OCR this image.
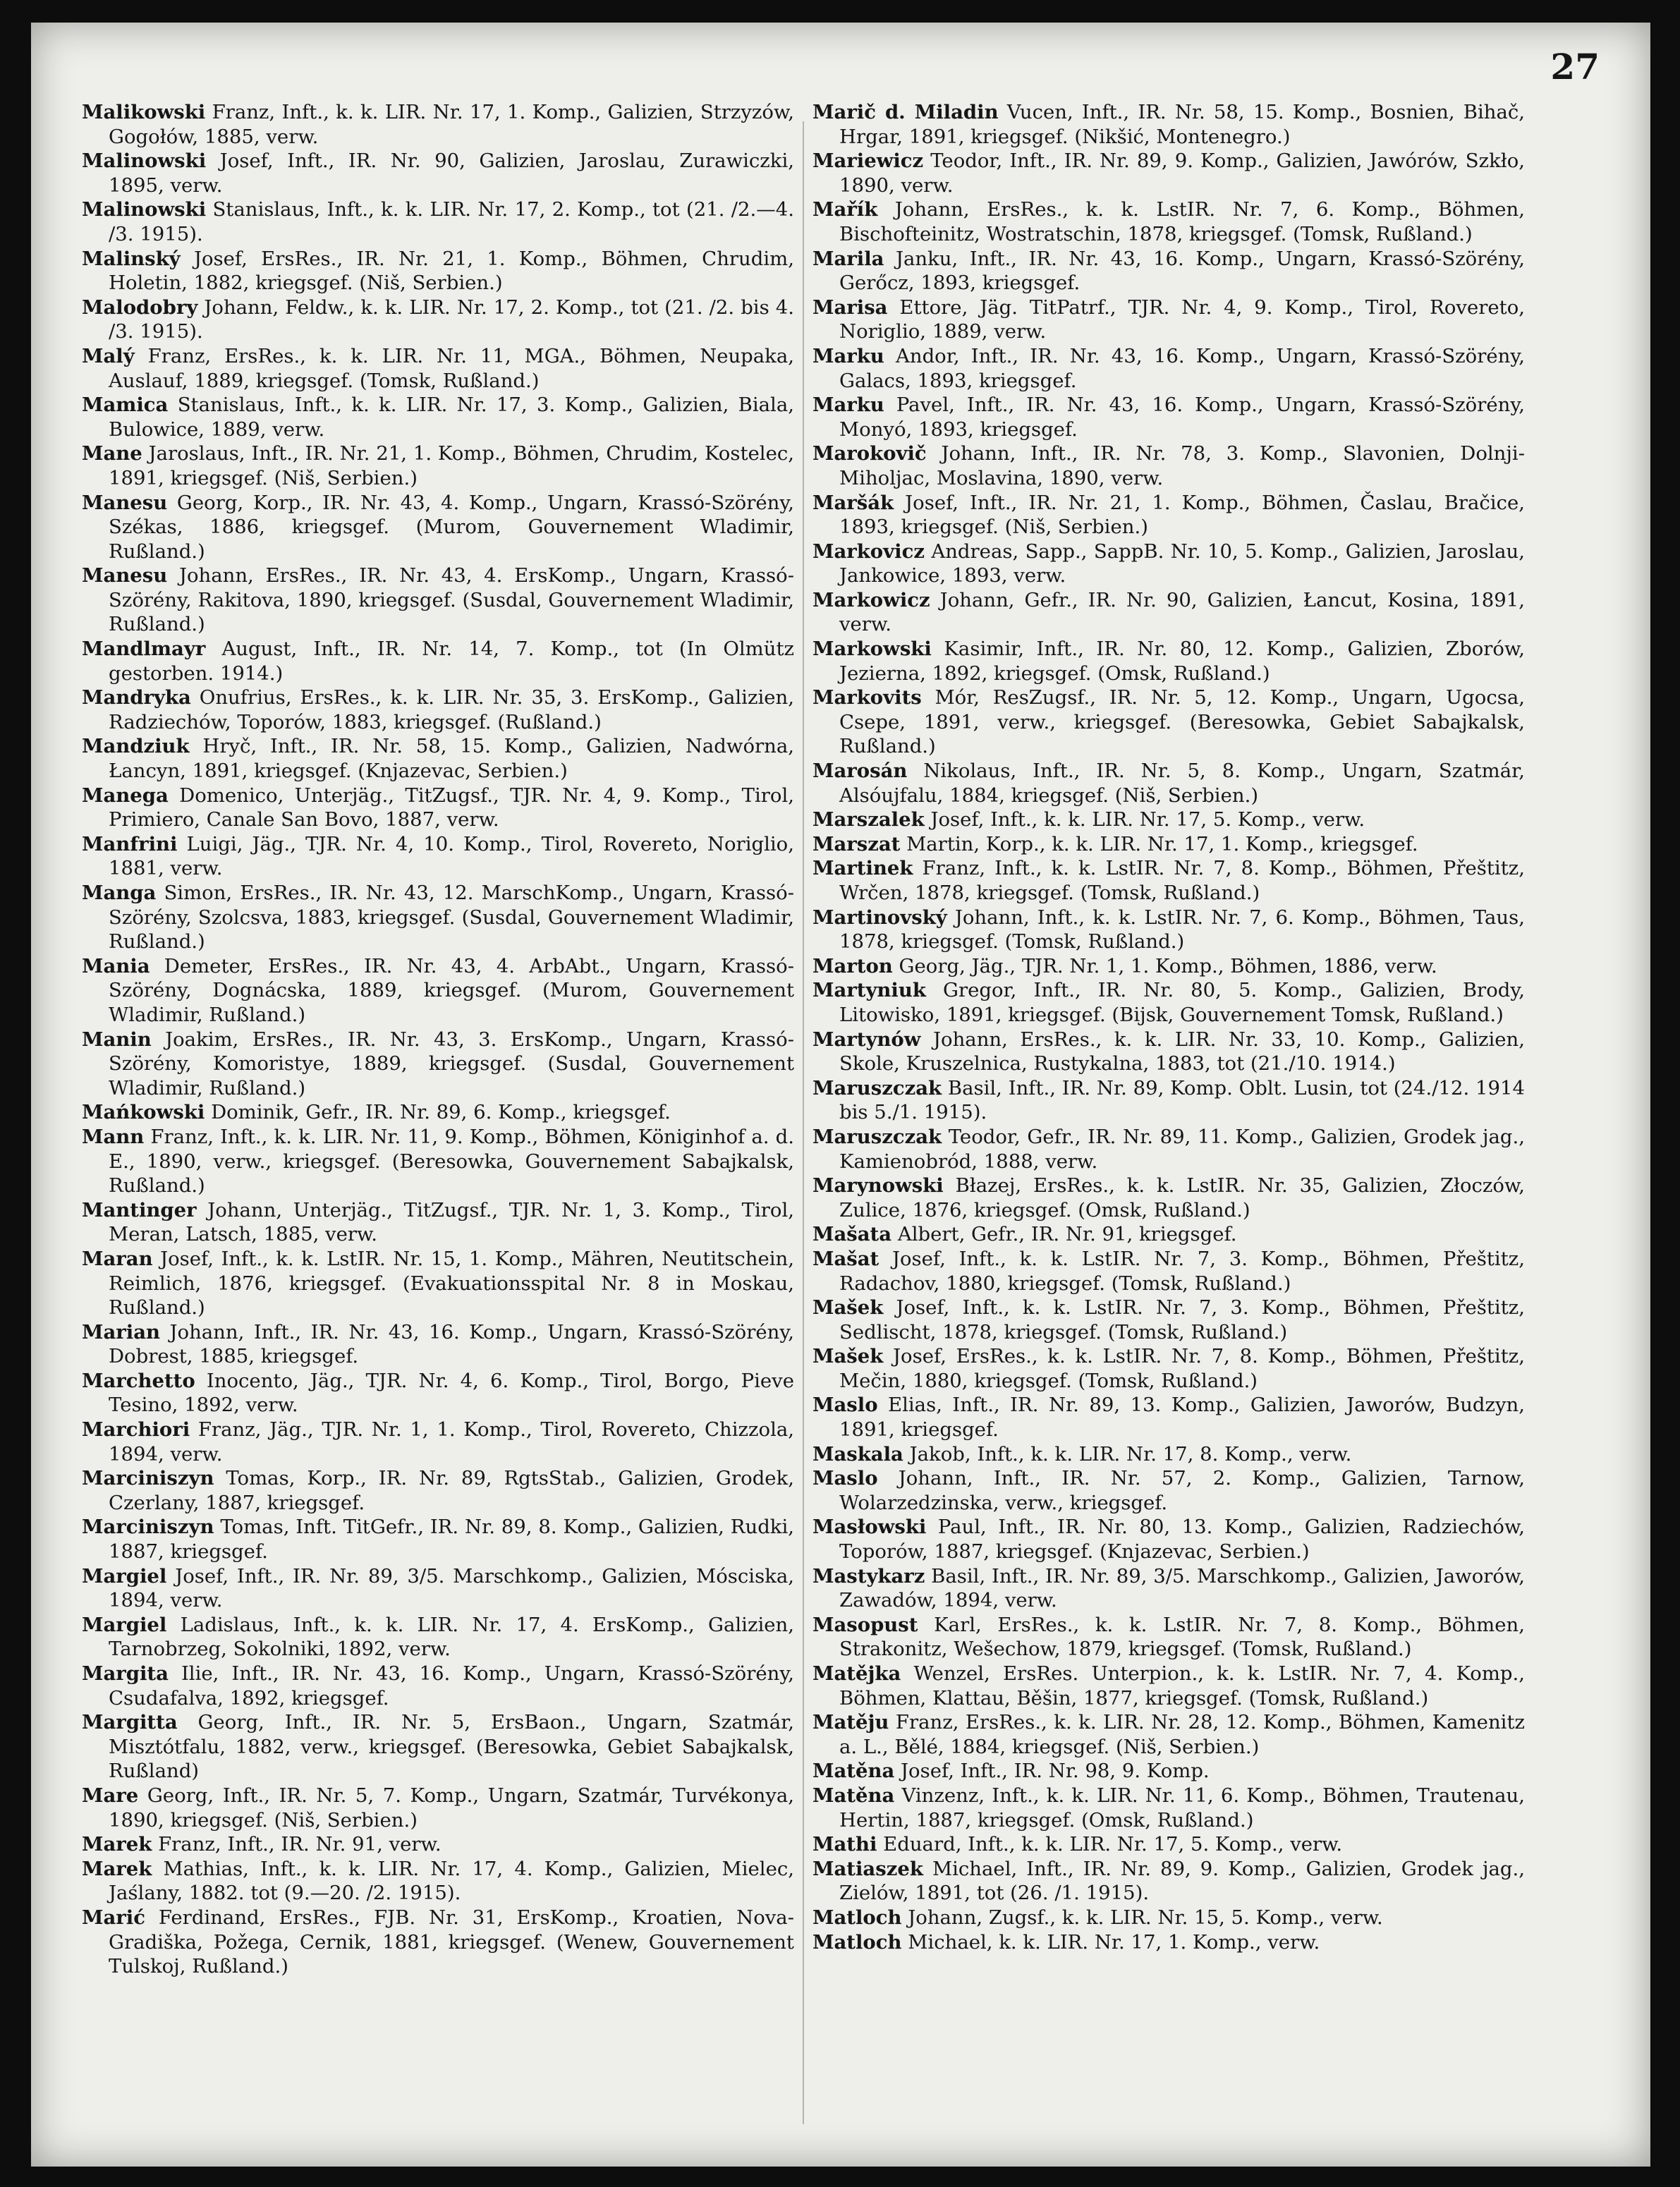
27

Malikowski Franz, Inft., k. k. LIR. Nr. 17, 1. Komp., Galizien, Strzyzów, Gogołów, 1885, verw.

Malinowski Josef, Inft., IR. Nr. 90, Galizien, Jaroslau, Zurawiczki, 1895, verw.

Malinowski Stanislaus, Inft., k. k. LIR. Nr. 17, 2. Komp., tot (21. /2.—4. /3. 1915).

Malinský Josef, ErsRes., IR. Nr. 21, 1. Komp., Böhmen, Chrudim, Holetin, 1882, kriegsgef. (Niš, Serbien.)

Malodobry Johann, Feldw., k. k. LIR. Nr. 17, 2. Komp., tot (21. /2. bis 4. /3. 1915).

Malý Franz, ErsRes., k. k. LIR. Nr. 11, MGA., Böhmen, Neupaka, Auslauf, 1889, kriegsgef. (Tomsk, Rußland.)

Mamica Stanislaus, Inft., k. k. LIR. Nr. 17, 3. Komp., Galizien, Biala, Bulowice, 1889, verw.

Mane Jaroslaus, Inft., IR. Nr. 21, 1. Komp., Böhmen, Chrudim, Kostelec, 1891, kriegsgef. (Niš, Serbien.)

Manesu Georg, Korp., IR. Nr. 43, 4. Komp., Ungarn, Krassó-Szörény, Székas, 1886, kriegsgef. (Murom, Gouvernement Wladimir, Rußland.)

Manesu Johann, ErsRes., IR. Nr. 43, 4. ErsKomp., Ungarn, Krassó-Szörény, Rakitova, 1890, kriegsgef. (Susdal, Gouvernement Wladimir, Rußland.)

Mandlmayr August, Inft., IR. Nr. 14, 7. Komp., tot (In Olmütz gestorben. 1914.)

Mandryka Onufrius, ErsRes., k. k. LIR. Nr. 35, 3. ErsKomp., Galizien, Radziechów, Toporów, 1883, kriegsgef. (Rußland.)

Mandziuk Hryč, Inft., IR. Nr. 58, 15. Komp., Galizien, Nadwórna, Łancyn, 1891, kriegsgef. (Knjazevac, Serbien.)

Manega Domenico, Unterjäg., TitZugsf., TJR. Nr. 4, 9. Komp., Tirol, Primiero, Canale San Bovo, 1887, verw.

Manfrini Luigi, Jäg., TJR. Nr. 4, 10. Komp., Tirol, Rovereto, Noriglio, 1881, verw.

Manga Simon, ErsRes., IR. Nr. 43, 12. MarschKomp., Ungarn, Krassó-Szörény, Szolcsva, 1883, kriegsgef. (Susdal, Gouvernement Wladimir, Rußland.)

Mania Demeter, ErsRes., IR. Nr. 43, 4. ArbAbt., Ungarn, Krassó-Szörény, Dognácska, 1889, kriegsgef. (Murom, Gouvernement Wladimir, Rußland.)

Manin Joakim, ErsRes., IR. Nr. 43, 3. ErsKomp., Ungarn, Krassó-Szörény, Komoristye, 1889, kriegsgef. (Susdal, Gouvernement Wladimir, Rußland.)

Mańkowski Dominik, Gefr., IR. Nr. 89, 6. Komp., kriegsgef.

Mann Franz, Inft., k. k. LIR. Nr. 11, 9. Komp., Böhmen, Königinhof a. d. E., 1890, verw., kriegsgef. (Beresowka, Gouvernement Sabajkalsk, Rußland.)

Mantinger Johann, Unterjäg., TitZugsf., TJR. Nr. 1, 3. Komp., Tirol, Meran, Latsch, 1885, verw.

Maran Josef, Inft., k. k. LstIR. Nr. 15, 1. Komp., Mähren, Neutitschein, Reimlich, 1876, kriegsgef. (Evakuationsspital Nr. 8 in Moskau, Rußland.)

Marian Johann, Inft., IR. Nr. 43, 16. Komp., Ungarn, Krassó-Szörény, Dobrest, 1885, kriegsgef.

Marchetto Inocento, Jäg., TJR. Nr. 4, 6. Komp., Tirol, Borgo, Pieve Tesino, 1892, verw.

Marchiori Franz, Jäg., TJR. Nr. 1, 1. Komp., Tirol, Rovereto, Chizzola, 1894, verw.

Marciniszyn Tomas, Korp., IR. Nr. 89, RgtsStab., Galizien, Grodek, Czerlany, 1887, kriegsgef.

Marciniszyn Tomas, Inft. TitGefr., IR. Nr. 89, 8. Komp., Galizien, Rudki, 1887, kriegsgef.

Margiel Josef, Inft., IR. Nr. 89, 3/5. Marschkomp., Galizien, Mósciska, 1894, verw.

Margiel Ladislaus, Inft., k. k. LIR. Nr. 17, 4. ErsKomp., Galizien, Tarnobrzeg, Sokolniki, 1892, verw.

Margita Ilie, Inft., IR. Nr. 43, 16. Komp., Ungarn, Krassó-Szörény, Csudafalva, 1892, kriegsgef.

Margitta Georg, Inft., IR. Nr. 5, ErsBaon., Ungarn, Szatmár, Misztótfalu, 1882, verw., kriegsgef. (Beresowka, Gebiet Sabajkalsk, Rußland)

Mare Georg, Inft., IR. Nr. 5, 7. Komp., Ungarn, Szatmár, Turvékonya, 1890, kriegsgef. (Niš, Serbien.)

Marek Franz, Inft., IR. Nr. 91, verw.

Marek Mathias, Inft., k. k. LIR. Nr. 17, 4. Komp., Galizien, Mielec, Jaślany, 1882. tot (9.—20. /2. 1915).

Marić Ferdinand, ErsRes., FJB. Nr. 31, ErsKomp., Kroatien, Nova-Gradiška, Požega, Cernik, 1881, kriegsgef. (Wenew, Gouvernement Tulskoj, Rußland.)

Marič d. Miladin Vucen, Inft., IR. Nr. 58, 15. Komp., Bosnien, Bihač, Hrgar, 1891, kriegsgef. (Nikšić, Montenegro.)

Mariewicz Teodor, Inft., IR. Nr. 89, 9. Komp., Galizien, Jawórów, Szkło, 1890, verw.

Mařík Johann, ErsRes., k. k. LstIR. Nr. 7, 6. Komp., Böhmen, Bischofteinitz, Wostratschin, 1878, kriegsgef. (Tomsk, Rußland.)

Marila Janku, Inft., IR. Nr. 43, 16. Komp., Ungarn, Krassó-Szörény, Gerőcz, 1893, kriegsgef.

Marisa Ettore, Jäg. TitPatrf., TJR. Nr. 4, 9. Komp., Tirol, Rovereto, Noriglio, 1889, verw.

Marku Andor, Inft., IR. Nr. 43, 16. Komp., Ungarn, Krassó-Szörény, Galacs, 1893, kriegsgef.

Marku Pavel, Inft., IR. Nr. 43, 16. Komp., Ungarn, Krassó-Szörény, Monyó, 1893, kriegsgef.

Marokovič Johann, Inft., IR. Nr. 78, 3. Komp., Slavonien, Dolnji-Miholjac, Moslavina, 1890, verw.

Maršák Josef, Inft., IR. Nr. 21, 1. Komp., Böhmen, Časlau, Bračice, 1893, kriegsgef. (Niš, Serbien.)

Markovicz Andreas, Sapp., SappB. Nr. 10, 5. Komp., Galizien, Jaroslau, Jankowice, 1893, verw.

Markowicz Johann, Gefr., IR. Nr. 90, Galizien, Łancut, Kosina, 1891, verw.

Markowski Kasimir, Inft., IR. Nr. 80, 12. Komp., Galizien, Zborów, Jezierna, 1892, kriegsgef. (Omsk, Rußland.)

Markovits Mór, ResZugsf., IR. Nr. 5, 12. Komp., Ungarn, Ugocsa, Csepe, 1891, verw., kriegsgef. (Beresowka, Gebiet Sabajkalsk, Rußland.)

Marosán Nikolaus, Inft., IR. Nr. 5, 8. Komp., Ungarn, Szatmár, Alsóujfalu, 1884, kriegsgef. (Niš, Serbien.)

Marszalek Josef, Inft., k. k. LIR. Nr. 17, 5. Komp., verw.

Marszat Martin, Korp., k. k. LIR. Nr. 17, 1. Komp., kriegsgef.

Martinek Franz, Inft., k. k. LstIR. Nr. 7, 8. Komp., Böhmen, Přeštitz, Wrčen, 1878, kriegsgef. (Tomsk, Rußland.)

Martinovský Johann, Inft., k. k. LstIR. Nr. 7, 6. Komp., Böhmen, Taus, 1878, kriegsgef. (Tomsk, Rußland.)

Marton Georg, Jäg., TJR. Nr. 1, 1. Komp., Böhmen, 1886, verw.

Martyniuk Gregor, Inft., IR. Nr. 80, 5. Komp., Galizien, Brody, Litowisko, 1891, kriegsgef. (Bijsk, Gouvernement Tomsk, Rußland.)

Martynów Johann, ErsRes., k. k. LIR. Nr. 33, 10. Komp., Galizien, Skole, Kruszelnica, Rustykalna, 1883, tot (21./10. 1914.)

Maruszczak Basil, Inft., IR. Nr. 89, Komp. Oblt. Lusin, tot (24./12. 1914 bis 5./1. 1915).

Maruszczak Teodor, Gefr., IR. Nr. 89, 11. Komp., Galizien, Grodek jag., Kamienobród, 1888, verw.

Marynowski Błazej, ErsRes., k. k. LstIR. Nr. 35, Galizien, Złoczów, Zulice, 1876, kriegsgef. (Omsk, Rußland.)

Mašata Albert, Gefr., IR. Nr. 91, kriegsgef.

Mašat Josef, Inft., k. k. LstIR. Nr. 7, 3. Komp., Böhmen, Přeštitz, Radachov, 1880, kriegsgef. (Tomsk, Rußland.)

Mašek Josef, Inft., k. k. LstIR. Nr. 7, 3. Komp., Böhmen, Přeštitz, Sedlischt, 1878, kriegsgef. (Tomsk, Rußland.)

Mašek Josef, ErsRes., k. k. LstIR. Nr. 7, 8. Komp., Böhmen, Přeštitz, Mečin, 1880, kriegsgef. (Tomsk, Rußland.)

Maslo Elias, Inft., IR. Nr. 89, 13. Komp., Galizien, Jaworów, Budzyn, 1891, kriegsgef.

Maskala Jakob, Inft., k. k. LIR. Nr. 17, 8. Komp., verw.

Maslo Johann, Inft., IR. Nr. 57, 2. Komp., Galizien, Tarnow, Wolarzedzinska, verw., kriegsgef.

Masłowski Paul, Inft., IR. Nr. 80, 13. Komp., Galizien, Radziechów, Toporów, 1887, kriegsgef. (Knjazevac, Serbien.)

Mastykarz Basil, Inft., IR. Nr. 89, 3/5. Marschkomp., Galizien, Jaworów, Zawadów, 1894, verw.

Masopust Karl, ErsRes., k. k. LstIR. Nr. 7, 8. Komp., Böhmen, Strakonitz, Wešechow, 1879, kriegsgef. (Tomsk, Rußland.)

Matějka Wenzel, ErsRes. Unterpion., k. k. LstIR. Nr. 7, 4. Komp., Böhmen, Klattau, Běšin, 1877, kriegsgef. (Tomsk, Rußland.)

Matěju Franz, ErsRes., k. k. LIR. Nr. 28, 12. Komp., Böhmen, Kamenitz a. L., Bělé, 1884, kriegsgef. (Niš, Serbien.)

Matěna Josef, Inft., IR. Nr. 98, 9. Komp.

Matěna Vinzenz, Inft., k. k. LIR. Nr. 11, 6. Komp., Böhmen, Trautenau, Hertin, 1887, kriegsgef. (Omsk, Rußland.)

Mathi Eduard, Inft., k. k. LIR. Nr. 17, 5. Komp., verw.

Matiaszek Michael, Inft., IR. Nr. 89, 9. Komp., Galizien, Grodek jag., Zielów, 1891, tot (26. /1. 1915).

Matloch Johann, Zugsf., k. k. LIR. Nr. 15, 5. Komp., verw.

Matloch Michael, k. k. LIR. Nr. 17, 1. Komp., verw.
